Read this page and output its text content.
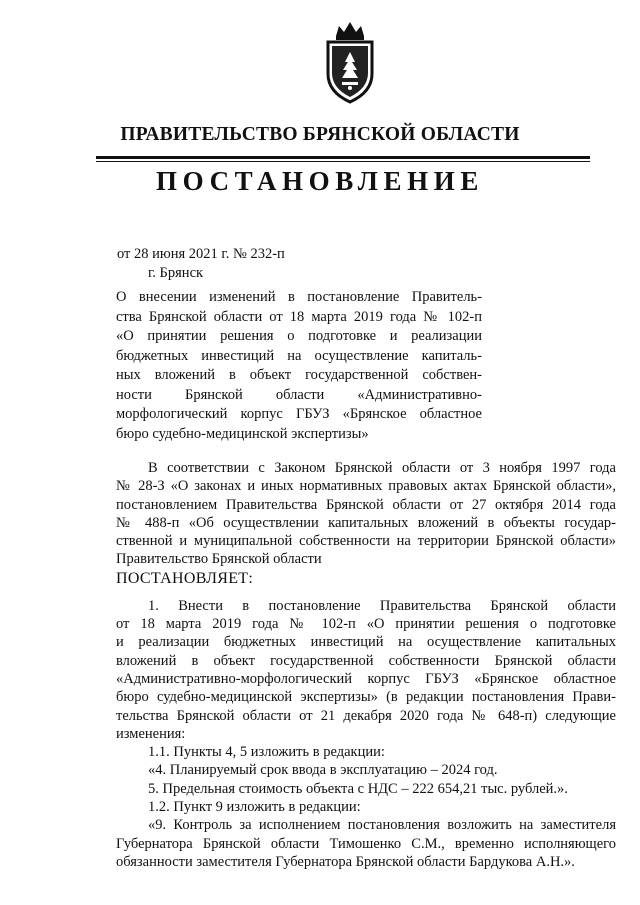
ПРАВИТЕЛЬСТВО БРЯНСКОЙ ОБЛАСТИ
ПОСТАНОВЛЕНИЕ
от 28 июня 2021 г. № 232-п
г. Брянск
О внесении изменений в постановление Правитель-
ства Брянской области от 18 марта 2019 года № 102-п
«О принятии решения о подготовке и реализации
бюджетных инвестиций на осуществление капиталь-
ных вложений в объект государственной собствен-
ности Брянской области «Административно-
морфологический корпус ГБУЗ «Брянское областное
бюро судебно-медицинской экспертизы»
В соответствии с Законом Брянской области от 3 ноября 1997 года
№ 28-З «О законах и иных нормативных правовых актах Брянской области»,
постановлением Правительства Брянской области от 27 октября 2014 года
№ 488-п «Об осуществлении капитальных вложений в объекты государ-
ственной и муниципальной собственности на территории Брянской области»
Правительство Брянской области
ПОСТАНОВЛЯЕТ:
1. Внести в постановление Правительства Брянской области
от 18 марта 2019 года № 102-п «О принятии решения о подготовке
и реализации бюджетных инвестиций на осуществление капитальных
вложений в объект государственной собственности Брянской области
«Административно-морфологический корпус ГБУЗ «Брянское областное
бюро судебно-медицинской экспертизы» (в редакции постановления Прави-
тельства Брянской области от 21 декабря 2020 года № 648-п) следующие
изменения:
1.1. Пункты 4, 5 изложить в редакции:
«4. Планируемый срок ввода в эксплуатацию – 2024 год.
5. Предельная стоимость объекта с НДС – 222 654,21 тыс. рублей.».
1.2. Пункт 9 изложить в редакции:
«9. Контроль за исполнением постановления возложить на заместителя
Губернатора Брянской области Тимошенко С.М., временно исполняющего
обязанности заместителя Губернатора Брянской области Бардукова А.Н.».
